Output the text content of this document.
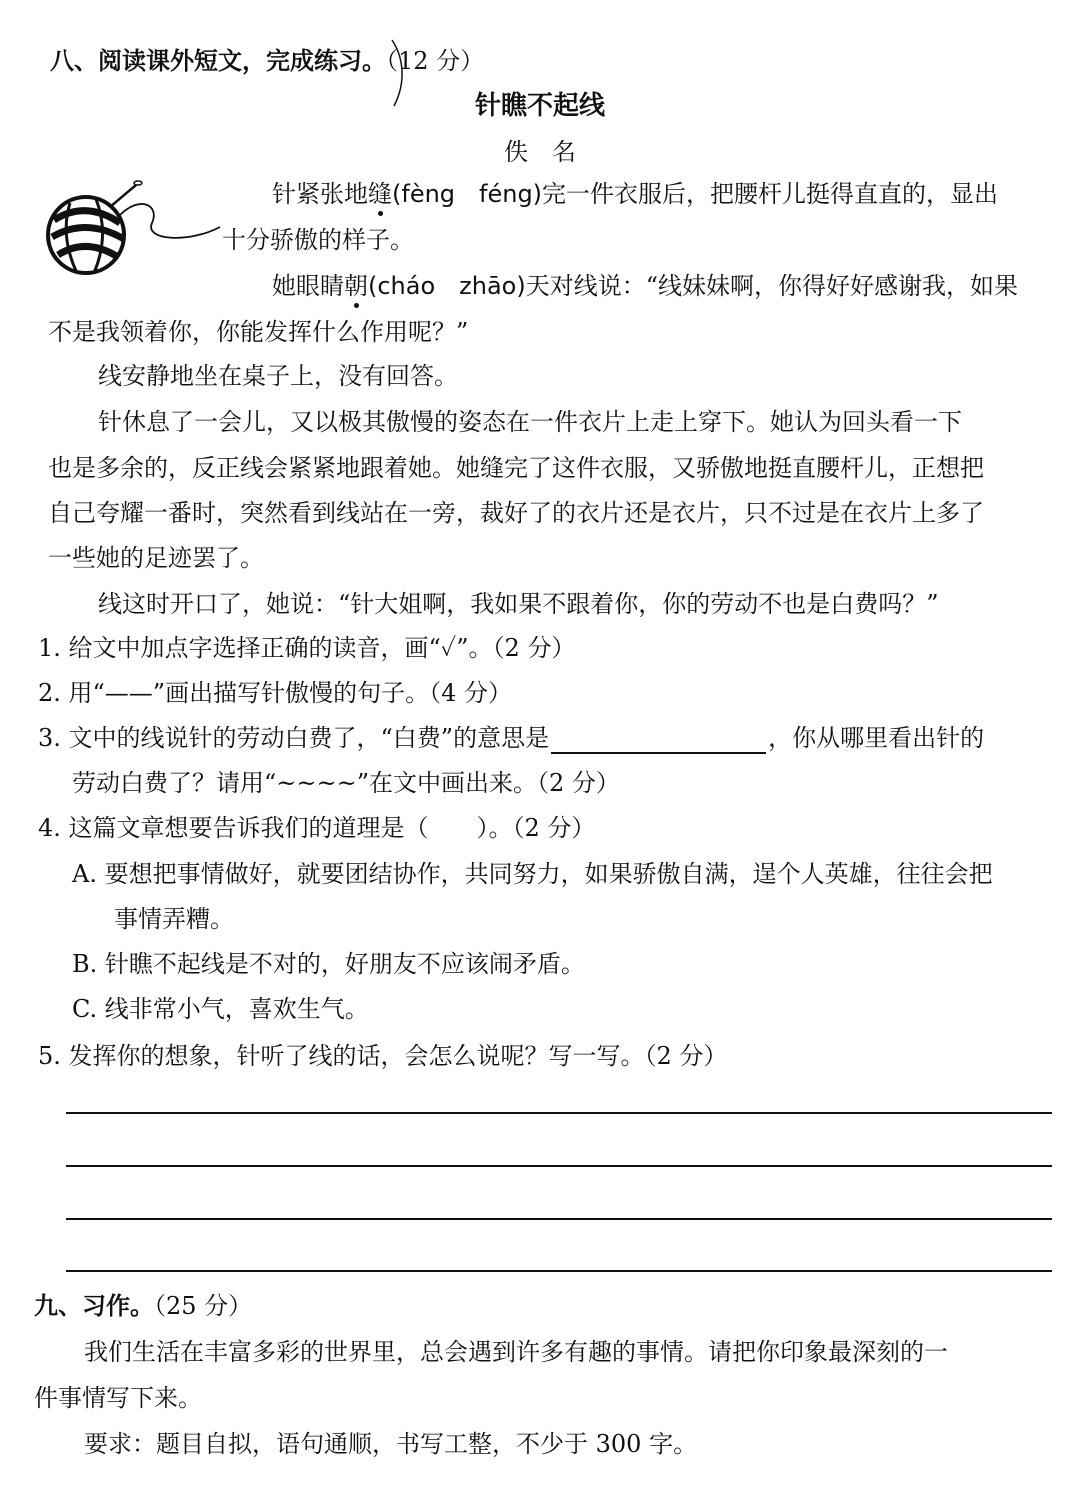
八、阅读课外短文，完成练习。（12 分）
针瞧不起线
佚　名
针紧张地缝(fèng　féng)完一件衣服后，把腰杆儿挺得直直的，显出
十分骄傲的样子。
她眼睛朝(cháo　zhāo)天对线说：“线妹妹啊，你得好好感谢我，如果
不是我领着你，你能发挥什么作用呢？”
线安静地坐在桌子上，没有回答。
针休息了一会儿，又以极其傲慢的姿态在一件衣片上走上穿下。她认为回头看一下
也是多余的，反正线会紧紧地跟着她。她缝完了这件衣服，又骄傲地挺直腰杆儿，正想把
自己夸耀一番时，突然看到线站在一旁，裁好了的衣片还是衣片，只不过是在衣片上多了
一些她的足迹罢了。
线这时开口了，她说：“针大姐啊，我如果不跟着你，你的劳动不也是白费吗？”
1. 给文中加点字选择正确的读音，画“✓”。（2 分）
2. 用“——”画出描写针傲慢的句子。（4 分）
3. 文中的线说针的劳动白费了，“白费”的意思是	，你从哪里看出针的
劳动白费了？请用“~~~~”在文中画出来。（2 分）
4. 这篇文章想要告诉我们的道理是（ ）。（2 分）
A. 要想把事情做好，就要团结协作，共同努力，如果骄傲自满，逞个人英雄，往往会把
事情弄糟。
B. 针瞧不起线是不对的，好朋友不应该闹矛盾。
C. 线非常小气，喜欢生气。
5. 发挥你的想象，针听了线的话，会怎么说呢？写一写。（2 分）
九、习作。（25 分）
我们生活在丰富多彩的世界里，总会遇到许多有趣的事情。请把你印象最深刻的一
件事情写下来。
要求：题目自拟，语句通顺，书写工整，不少于 300 字。
